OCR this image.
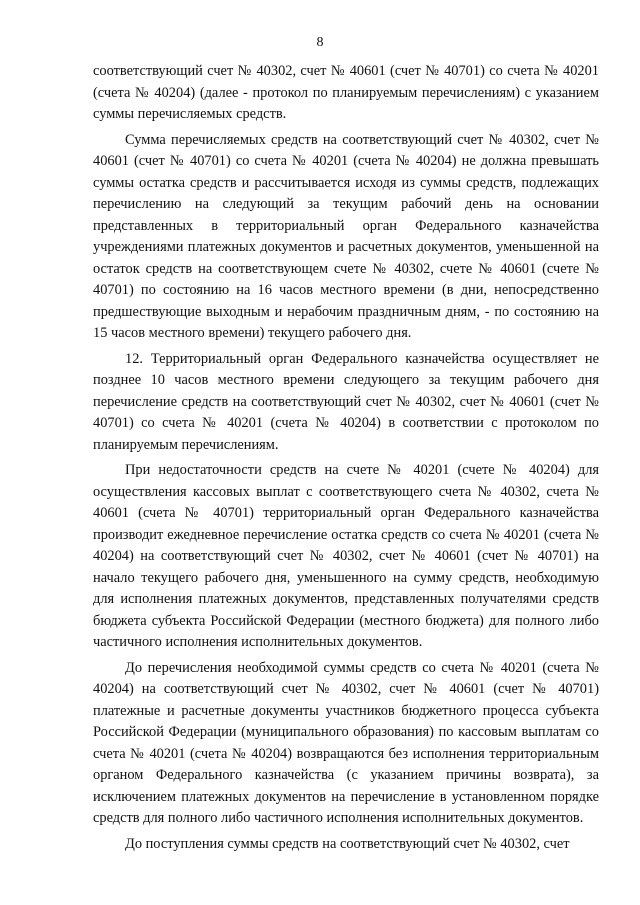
8

соответствующий счет № 40302, счет № 40601 (счет № 40701) со счета № 40201 (счета № 40204) (далее - протокол по планируемым перечислениям) с указанием суммы перечисляемых средств.

Сумма перечисляемых средств на соответствующий счет № 40302, счет № 40601 (счет № 40701) со счета № 40201 (счета № 40204) не должна превышать суммы остатка средств и рассчитывается исходя из суммы средств, подлежащих перечислению на следующий за текущим рабочий день на основании представленных в территориальный орган Федерального казначейства учреждениями платежных документов и расчетных документов, уменьшенной на остаток средств на соответствующем счете № 40302, счете № 40601 (счете № 40701) по состоянию на 16 часов местного времени (в дни, непосредственно предшествующие выходным и нерабочим праздничным дням, - по состоянию на 15 часов местного времени) текущего рабочего дня.

12. Территориальный орган Федерального казначейства осуществляет не позднее 10 часов местного времени следующего за текущим рабочего дня перечисление средств на соответствующий счет № 40302, счет № 40601 (счет № 40701) со счета № 40201 (счета № 40204) в соответствии с протоколом по планируемым перечислениям.

При недостаточности средств на счете № 40201 (счете № 40204) для осуществления кассовых выплат с соответствующего счета № 40302, счета № 40601 (счета № 40701) территориальный орган Федерального казначейства производит ежедневное перечисление остатка средств со счета № 40201 (счета № 40204) на соответствующий счет № 40302, счет № 40601 (счет № 40701) на начало текущего рабочего дня, уменьшенного на сумму средств, необходимую для исполнения платежных документов, представленных получателями средств бюджета субъекта Российской Федерации (местного бюджета) для полного либо частичного исполнения исполнительных документов.

До перечисления необходимой суммы средств со счета № 40201 (счета № 40204) на соответствующий счет № 40302, счет № 40601 (счет № 40701) платежные и расчетные документы участников бюджетного процесса субъекта Российской Федерации (муниципального образования) по кассовым выплатам со счета № 40201 (счета № 40204) возвращаются без исполнения территориальным органом Федерального казначейства (с указанием причины возврата), за исключением платежных документов на перечисление в установленном порядке средств для полного либо частичного исполнения исполнительных документов.

До поступления суммы средств на соответствующий счет № 40302, счет
